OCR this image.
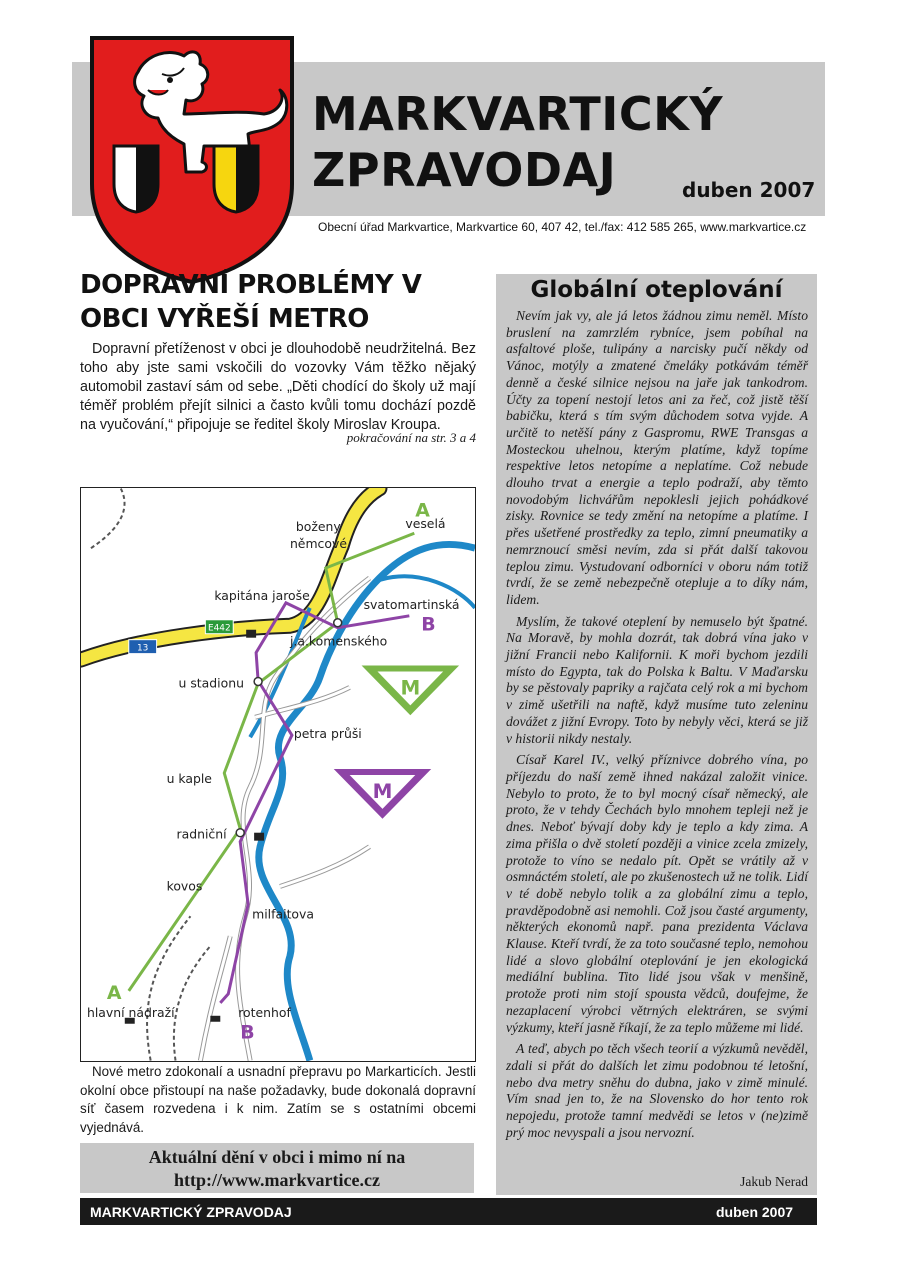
MARKVARTICKÝ
ZPRAVODAJ	duben 2007
Obecní úřad Markvartice, Markvartice 60, 407 42, tel./fax: 412 585 265, www.markvartice.cz
DOPRAVNÍ PROBLÉMY V OBCI VYŘEŠÍ METRO

Dopravní přetíženost v obci je dlouhodobě neudržitelná. Bez toho aby jste sami vskočili do vozovky Vám těžko nějaký automobil zastaví sám od sebe. „Děti chodící do školy už mají téměř problém přejít silnici a často kvůli tomu dochází pozdě na vyučování,“ připojuje se ředitel školy Miroslav Kroupa.

pokračování na str. 3 a 4
E442
13
M
M
A
A
B
B
boženy
němcové
veselá
kapitána jaroše
svatomartinská
j.a.komenského
u stadionu
petra průši
u kaple
radniční
kovos
milfaitova
hlavní nádraží	rotenhof

Nové metro zdokonalí a usnadní přepravu po Markarticích. Jestli okolní obce přistoupí na naše požadavky, bude dokonalá dopravní síť časem rozvedena i k nim. Zatím se s ostatními obcemi vyjednává.

Aktuální dění v obci i mimo ní na
http://www.markvartice.cz
Globální oteplování

Nevím jak vy, ale já letos žádnou zimu neměl. Místo bruslení na zamrzlém rybníce, jsem pobíhal na asfaltové ploše, tulipány a narcisky pučí někdy od Vánoc, motýly a zmatené čmeláky potkávám téměř denně a české silnice nejsou na jaře jak tankodrom. Účty za topení nestojí letos ani za řeč, což jistě těší babičku, která s tím svým důchodem sotva vyjde. A určitě to netěší pány z Gaspromu, RWE Transgas a Mosteckou uhelnou, kterým platíme, když topíme respektive letos netopíme a neplatíme. Což nebude dlouho trvat a energie a teplo podraží, aby těmto novodobým lichvářům nepoklesli jejich pohádkové zisky. Rovnice se tedy změní na netopíme a platíme. I přes ušetřené prostředky za teplo, zimní pneumatiky a nemrznoucí směsi nevím, zda si přát další takovou teplou zimu. Vystudovaní odborníci v oboru nám totiž tvrdí, že se země nebezpečně otepluje a to díky nám, lidem.

Myslím, že takové oteplení by nemuselo být špatné. Na Moravě, by mohla dozrát, tak dobrá vína jako v jižní Francii nebo Kalifornii. K moři bychom jezdili místo do Egypta, tak do Polska k Baltu. V Maďarsku by se pěstovaly papriky a rajčata celý rok a mi bychom v zimě ušetřili na naftě, když musíme tuto zeleninu dovážet z jižní Evropy. Toto by nebyly věci, která se již v historii nikdy nestaly.

Císař Karel IV., velký příznivce dobrého vína, po příjezdu do naší země ihned nakázal založit vinice. Nebylo to proto, že to byl mocný císař německý, ale proto, že v tehdy Čechách bylo mnohem tepleji než je dnes. Neboť bývají doby kdy je teplo a kdy zima. A zima přišla o dvě století později a vinice zcela zmizely, protože to víno se nedalo pít. Opět se vrátily až v osmnáctém století, ale po zkušenostech už ne tolik. Lidí v té době nebylo tolik a za globální zimu a teplo, pravděpodobně asi nemohli. Což jsou časté argumenty, některých ekonomů např. pana prezidenta Václava Klause. Kteří tvrdí, že za toto současné teplo, nemohou lidé a slovo globální oteplování je jen ekologická mediální bublina. Tito lidé jsou však v menšině, protože proti nim stojí spousta vědců, doufejme, že nezaplacení výrobci větrných elektráren, se svými výzkumy, kteří jasně říkají, že za teplo můžeme mi lidé.

A teď, abych po těch všech teorií a výzkumů nevěděl, zdali si přát do dalších let zimu podobnou té letošní, nebo dva metry sněhu do dubna, jako v zimě minulé. Vím snad jen to, že na Slovensko do hor tento rok nepojedu, protože tamní medvědi se letos v (ne)zimě prý moc nevyspali a jsou nervozní.

Jakub Nerad
MARKVARTICKÝ ZPRAVODAJ	duben 2007
